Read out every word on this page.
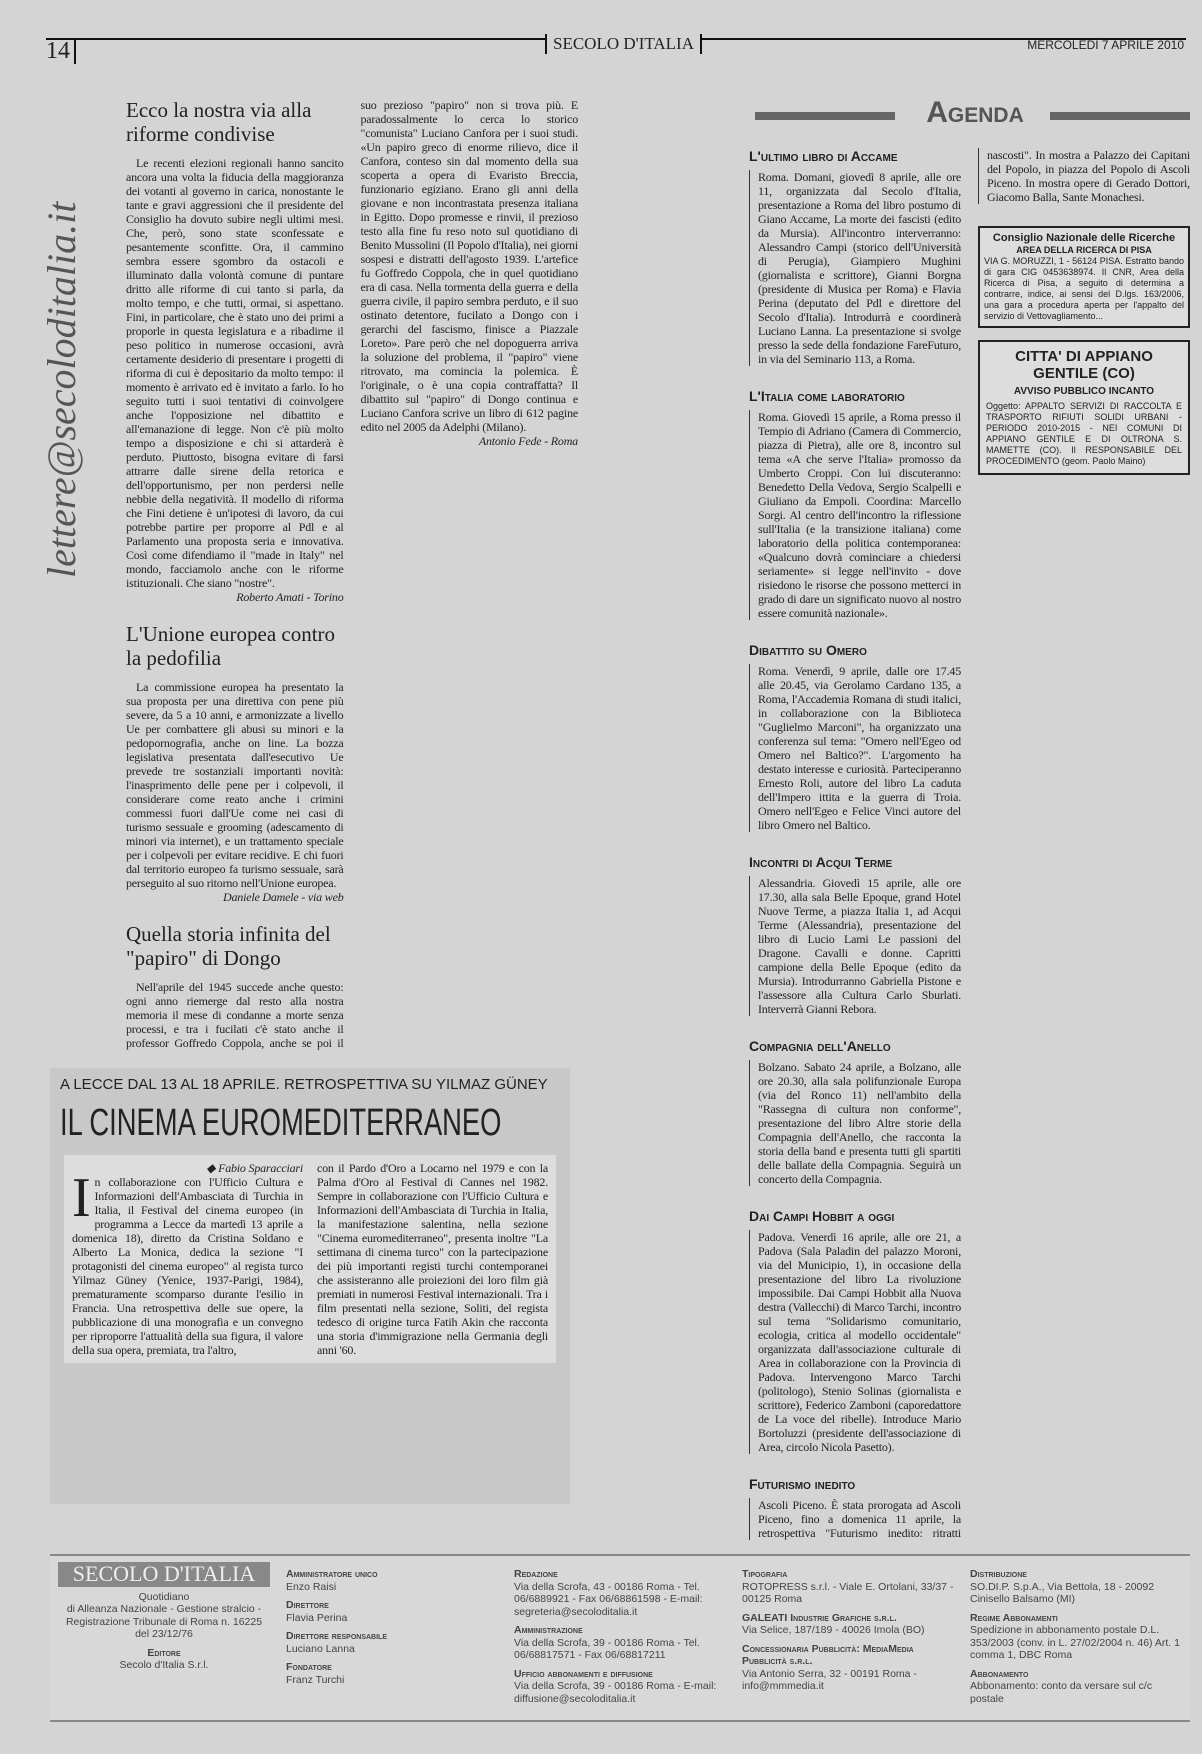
14	SECOLO D'ITALIA	MERCOLEDÌ 7 APRILE 2010
lettere@secoloditalia.it
Ecco la nostra via alla riforme condivise

Le recenti elezioni regionali hanno sancito ancora una volta la fiducia della maggioranza dei votanti al governo in carica, nonostante le tante e gravi aggressioni che il presidente del Consiglio ha dovuto subire negli ultimi mesi. Che, però, sono state sconfessate e pesantemente sconfitte. Ora, il cammino sembra essere sgombro da ostacoli e illuminato dalla volontà comune di puntare dritto alle riforme di cui tanto si parla, da molto tempo, e che tutti, ormai, si aspettano. Fini, in particolare, che è stato uno dei primi a proporle in questa legislatura e a ribadirne il peso politico in numerose occasioni, avrà certamente desiderio di presentare i progetti di riforma di cui è depositario da molto tempo: il momento è arrivato ed è invitato a farlo. Io ho seguito tutti i suoi tentativi di coinvolgere anche l'opposizione nel dibattito e all'emanazione di legge. Non c'è più molto tempo a disposizione e chi si attarderà è perduto. Piuttosto, bisogna evitare di farsi attrarre dalle sirene della retorica e dell'opportunismo, per non perdersi nelle nebbie della negatività. Il modello di riforma che Fini detiene è un'ipotesi di lavoro, da cui potrebbe partire per proporre al Pdl e al Parlamento una proposta seria e innovativa. Così come difendiamo il "made in Italy" nel mondo, facciamolo anche con le riforme istituzionali. Che siano "nostre".

Roberto Amati - Torino

L'Unione europea contro la pedofilia

La commissione europea ha presentato la sua proposta per una direttiva con pene più severe, da 5 a 10 anni, e armonizzate a livello Ue per combattere gli abusi su minori e la pedopornografia, anche on line. La bozza legislativa presentata dall'esecutivo Ue prevede tre sostanziali importanti novità: l'inasprimento delle pene per i colpevoli, il considerare come reato anche i crimini commessi fuori dall'Ue come nei casi di turismo sessuale e grooming (adescamento di minori via internet), e un trattamento speciale per i colpevoli per evitare recidive. E chi fuori dal territorio europeo fa turismo sessuale, sarà perseguito al suo ritorno nell'Unione europea.

Daniele Damele - via web

Quella storia infinita del "papiro" di Dongo

Nell'aprile del 1945 succede anche questo: ogni anno riemerge dal resto alla nostra memoria il mese di condanne a morte senza processi, e tra i fucilati c'è stato anche il professor Goffredo Coppola, anche se poi il suo prezioso "papiro" non si trova più. E paradossalmente lo cerca lo storico "comunista" Luciano Canfora per i suoi studi. «Un papiro greco di enorme rilievo, dice il Canfora, conteso sin dal momento della sua scoperta a opera di Evaristo Breccia, funzionario egiziano. Erano gli anni della giovane e non incontrastata presenza italiana in Egitto. Dopo promesse e rinvii, il prezioso testo alla fine fu reso noto sul quotidiano di Benito Mussolini (Il Popolo d'Italia), nei giorni sospesi e distratti dell'agosto 1939. L'artefice fu Goffredo Coppola, che in quel quotidiano era di casa. Nella tormenta della guerra e della guerra civile, il papiro sembra perduto, e il suo ostinato detentore, fucilato a Dongo con i gerarchi del fascismo, finisce a Piazzale Loreto». Pare però che nel dopoguerra arriva la soluzione del problema, il "papiro" viene ritrovato, ma comincia la polemica. È l'originale, o è una copia contraffatta? Il dibattito sul "papiro" di Dongo continua e Luciano Canfora scrive un libro di 612 pagine edito nel 2005 da Adelphi (Milano).

Antonio Fede - Roma

A LECCE DAL 13 AL 18 APRILE. RETROSPETTIVA SU YILMAZ GÜNEY
IL CINEMA EUROMEDITERRANEO

◆ Fabio Sparacciari

In collaborazione con l'Ufficio Cultura e Informazioni dell'Ambasciata di Turchia in Italia, il Festival del cinema europeo (in programma a Lecce da martedì 13 aprile a domenica 18), diretto da Cristina Soldano e Alberto La Monica, dedica la sezione "I protagonisti del cinema europeo" al regista turco Yilmaz Güney (Yenice, 1937-Parigi, 1984), prematuramente scomparso durante l'esilio in Francia. Una retrospettiva delle sue opere, la pubblicazione di una monografia e un convegno per riproporre l'attualità della sua figura, il valore della sua opera, premiata, tra l'altro,

con il Pardo d'Oro a Locarno nel 1979 e con la Palma d'Oro al Festival di Cannes nel 1982. Sempre in collaborazione con l'Ufficio Cultura e Informazioni dell'Ambasciata di Turchia in Italia, la manifestazione salentina, nella sezione "Cinema euromediterraneo", presenta inoltre "La settimana di cinema turco" con la partecipazione dei più importanti registi turchi contemporanei che assisteranno alle proiezioni dei loro film già premiati in numerosi Festival internazionali. Tra i film presentati nella sezione, Soliti, del regista tedesco di origine turca Fatih Akin che racconta una storia d'immigrazione nella Germania degli anni '60.

Agenda
L'ultimo libro di Accame

Roma. Domani, giovedì 8 aprile, alle ore 11, organizzata dal Secolo d'Italia, presentazione a Roma del libro postumo di Giano Accame, La morte dei fascisti (edito da Mursia). All'incontro interverranno: Alessandro Campi (storico dell'Università di Perugia), Giampiero Mughini (giornalista e scrittore), Gianni Borgna (presidente di Musica per Roma) e Flavia Perina (deputato del Pdl e direttore del Secolo d'Italia). Introdurrà e coordinerà Luciano Lanna. La presentazione si svolge presso la sede della fondazione FareFuturo, in via del Seminario 113, a Roma.

L'Italia come laboratorio

Roma. Giovedì 15 aprile, a Roma presso il Tempio di Adriano (Camera di Commercio, piazza di Pietra), alle ore 8, incontro sul tema «A che serve l'Italia» promosso da Umberto Croppi. Con lui discuteranno: Benedetto Della Vedova, Sergio Scalpelli e Giuliano da Empoli. Coordina: Marcello Sorgi. Al centro dell'incontro la riflessione sull'Italia (e la transizione italiana) come laboratorio della politica contemporanea: «Qualcuno dovrà cominciare a chiedersi seriamente» si legge nell'invito - dove risiedono le risorse che possono metterci in grado di dare un significato nuovo al nostro essere comunità nazionale».

Dibattito su Omero

Roma. Venerdì, 9 aprile, dalle ore 17.45 alle 20.45, via Gerolamo Cardano 135, a Roma, l'Accademia Romana di studi italici, in collaborazione con la Biblioteca "Guglielmo Marconi", ha organizzato una conferenza sul tema: "Omero nell'Egeo od Omero nel Baltico?". L'argomento ha destato interesse e curiosità. Parteciperanno Ernesto Roli, autore del libro La caduta dell'Impero ittita e la guerra di Troia. Omero nell'Egeo e Felice Vinci autore del libro Omero nel Baltico.

Incontri di Acqui Terme

Alessandria. Giovedì 15 aprile, alle ore 17.30, alla sala Belle Epoque, grand Hotel Nuove Terme, a piazza Italia 1, ad Acqui Terme (Alessandria), presentazione del libro di Lucio Lami Le passioni del Dragone. Cavalli e donne. Capritti campione della Belle Epoque (edito da Mursia). Introdurranno Gabriella Pistone e l'assessore alla Cultura Carlo Sburlati. Interverrà Gianni Rebora.

Compagnia dell'Anello

Bolzano. Sabato 24 aprile, a Bolzano, alle ore 20.30, alla sala polifunzionale Europa (via del Ronco 11) nell'ambito della "Rassegna di cultura non conforme", presentazione del libro Altre storie della Compagnia dell'Anello, che racconta la storia della band e presenta tutti gli spartiti delle ballate della Compagnia. Seguirà un concerto della Compagnia.

Dai Campi Hobbit a oggi

Padova. Venerdì 16 aprile, alle ore 21, a Padova (Sala Paladin del palazzo Moroni, via del Municipio, 1), in occasione della presentazione del libro La rivoluzione impossibile. Dai Campi Hobbit alla Nuova destra (Vallecchi) di Marco Tarchi, incontro sul tema "Solidarismo comunitario, ecologia, critica al modello occidentale" organizzata dall'associazione culturale di Area in collaborazione con la Provincia di Padova. Intervengono Marco Tarchi (politologo), Stenio Solinas (giornalista e scrittore), Federico Zamboni (caporedattore de La voce del ribelle). Introduce Mario Bortoluzzi (presidente dell'associazione di Area, circolo Nicola Pasetto).

Futurismo inedito

Ascoli Piceno. È stata prorogata ad Ascoli Piceno, fino a domenica 11 aprile, la retrospettiva "Futurismo inedito: ritratti nascosti". In mostra a Palazzo dei Capitani del Popolo, in piazza del Popolo di Ascoli Piceno. In mostra opere di Gerado Dottori, Giacomo Balla, Sante Monachesi.

Consiglio Nazionale delle Ricerche
AREA DELLA RICERCA DI PISA
VIA G. MORUZZI, 1 - 56124 PISA. Estratto bando di gara CIG 0453638974. Il CNR, Area della Ricerca di Pisa, a seguito di determina a contrarre, indice, ai sensi del D.lgs. 163/2006, una gara a procedura aperta per l'appalto del servizio di Vettovagliamento...
CITTA' DI APPIANO GENTILE (CO)
AVVISO PUBBLICO INCANTO
Oggetto: APPALTO SERVIZI DI RACCOLTA E TRASPORTO RIFIUTI SOLIDI URBANI - PERIODO 2010-2015 - NEI COMUNI DI APPIANO GENTILE E DI OLTRONA S. MAMETTE (CO). Il RESPONSABILE DEL PROCEDIMENTO (geom. Paolo Maino)
SECOLO D'ITALIA
Quotidiano
di Alleanza Nazionale - Gestione stralcio - Registrazione Tribunale di Roma n. 16225 del 23/12/76
Editore
Secolo d'Italia S.r.l.
Amministratore unico
Enzo Raisi
Direttore
Flavia Perina
Direttore responsabile
Luciano Lanna
Fondatore
Franz Turchi
Redazione
Via della Scrofa, 43 - 00186 Roma - Tel. 06/6889921 - Fax 06/68861598 - E-mail: segreteria@secoloditalia.it
Amministrazione
Via della Scrofa, 39 - 00186 Roma - Tel. 06/68817571 - Fax 06/68817211
Ufficio abbonamenti e diffusione
Via della Scrofa, 39 - 00186 Roma - E-mail: diffusione@secoloditalia.it
Tipografia
ROTOPRESS s.r.l. - Viale E. Ortolani, 33/37 - 00125 Roma
GALEATI Industrie Grafiche s.r.l.
Via Selice, 187/189 - 40026 Imola (BO)
Concessionaria Pubblicità: MediaMedia Pubblicità s.r.l.
Via Antonio Serra, 32 - 00191 Roma - info@mmmedia.it
Distribuzione
SO.DI.P. S.p.A., Via Bettola, 18 - 20092 Cinisello Balsamo (MI)
Regime Abbonamenti
Spedizione in abbonamento postale D.L. 353/2003 (conv. in L. 27/02/2004 n. 46) Art. 1 comma 1, DBC Roma
Abbonamento
Abbonamento: conto da versare sul c/c postale
